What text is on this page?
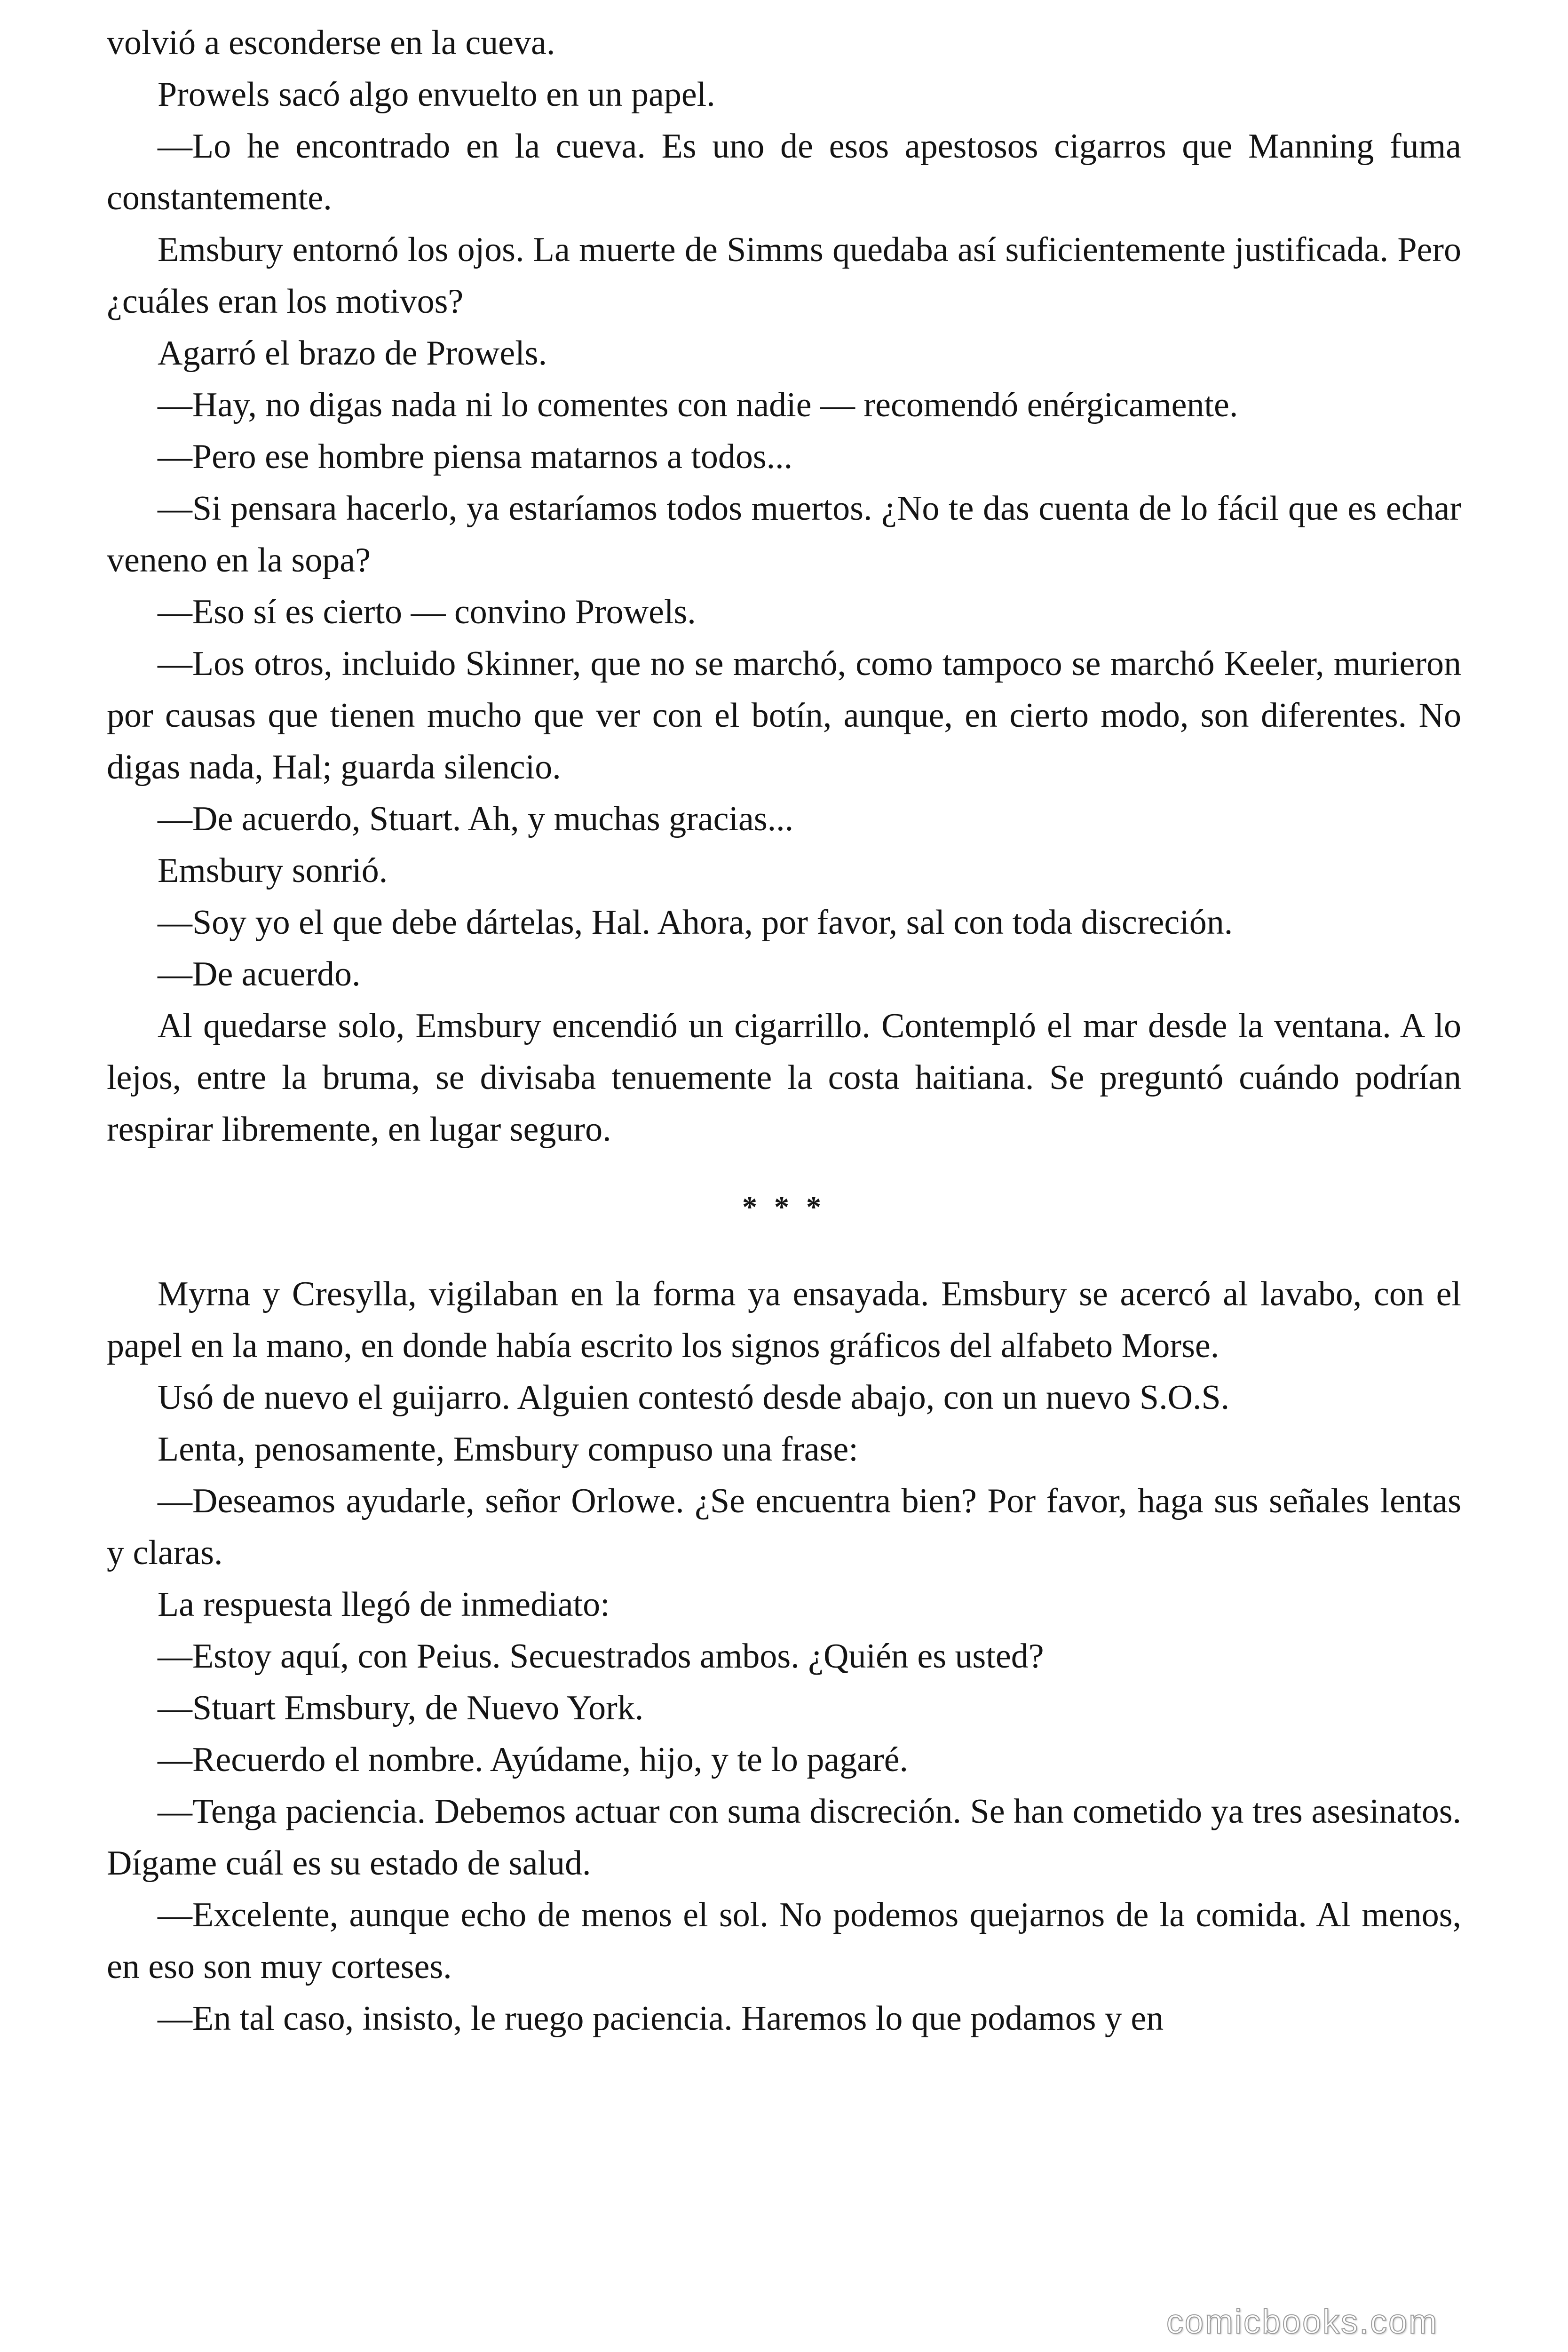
volvió a esconderse en la cueva.

Prowels sacó algo envuelto en un papel.

—Lo he encontrado en la cueva. Es uno de esos apestosos cigarros que Manning fuma constantemente.

Emsbury entornó los ojos. La muerte de Simms quedaba así suficientemente justificada. Pero ¿cuáles eran los motivos?

Agarró el brazo de Prowels.

—Hay, no digas nada ni lo comentes con nadie — recomendó enérgicamente.

—Pero ese hombre piensa matarnos a todos...

—Si pensara hacerlo, ya estaríamos todos muertos. ¿No te das cuenta de lo fácil que es echar veneno en la sopa?

—Eso sí es cierto — convino Prowels.

—Los otros, incluido Skinner, que no se marchó, como tampoco se marchó Keeler, murieron por causas que tienen mucho que ver con el botín, aunque, en cierto modo, son diferentes. No digas nada, Hal; guarda silencio.

—De acuerdo, Stuart. Ah, y muchas gracias...

Emsbury sonrió.

—Soy yo el que debe dártelas, Hal. Ahora, por favor, sal con toda discreción.

—De acuerdo.

Al quedarse solo, Emsbury encendió un cigarrillo. Contempló el mar desde la ventana. A lo lejos, entre la bruma, se divisaba tenuemente la costa haitiana. Se preguntó cuándo podrían respirar libremente, en lugar seguro.

* * *

Myrna y Cresylla, vigilaban en la forma ya ensayada. Emsbury se acercó al lavabo, con el papel en la mano, en donde había escrito los signos gráficos del alfabeto Morse.

Usó de nuevo el guijarro. Alguien contestó desde abajo, con un nuevo S.O.S.

Lenta, penosamente, Emsbury compuso una frase:

—Deseamos ayudarle, señor Orlowe. ¿Se encuentra bien? Por favor, haga sus señales lentas y claras.

La respuesta llegó de inmediato:

—Estoy aquí, con Peius. Secuestrados ambos. ¿Quién es usted?

—Stuart Emsbury, de Nuevo York.

—Recuerdo el nombre. Ayúdame, hijo, y te lo pagaré.

—Tenga paciencia. Debemos actuar con suma discreción. Se han cometido ya tres asesinatos. Dígame cuál es su estado de salud.

—Excelente, aunque echo de menos el sol. No podemos quejarnos de la comida. Al menos, en eso son muy corteses.

—En tal caso, insisto, le ruego paciencia. Haremos lo que podamos y en

comicbooks.com
